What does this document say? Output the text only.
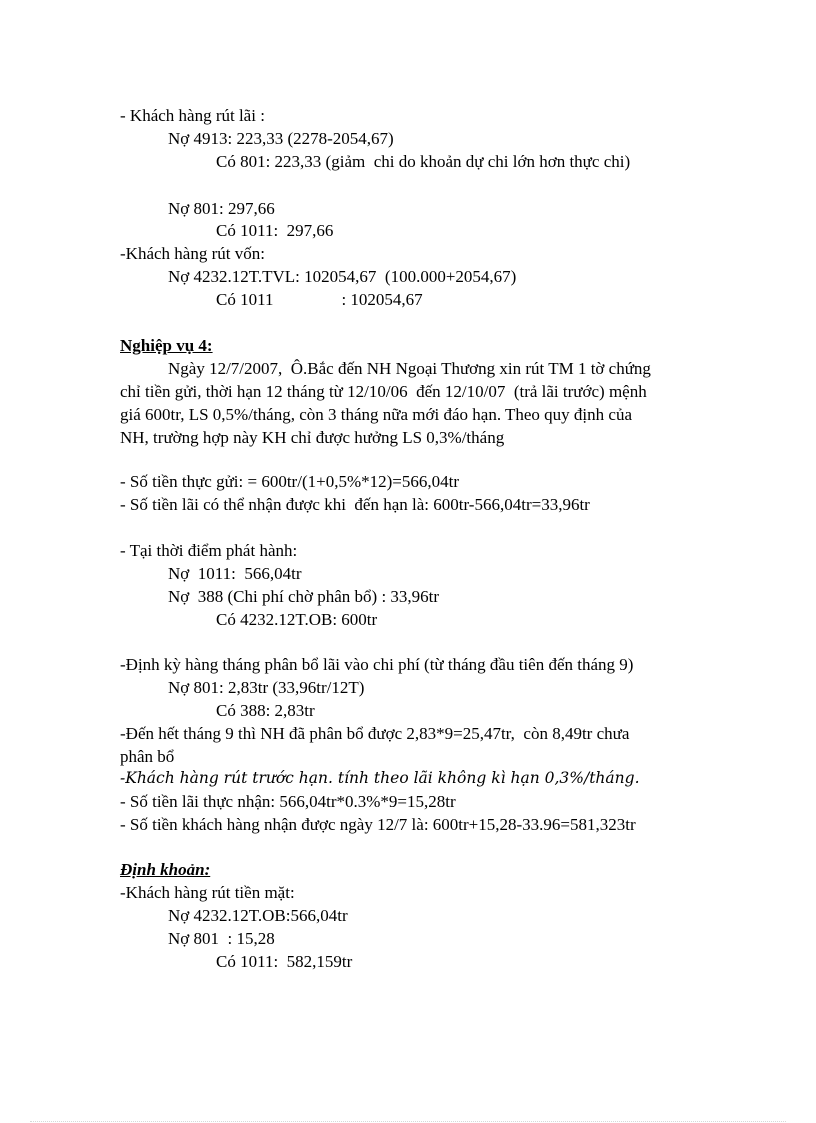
- Khách hàng rút lãi :
Nợ 4913: 223,33 (2278-2054,67)
Có 801: 223,33 (giảm  chi do khoản dự chi lớn hơn thực chi)
Nợ 801: 297,66
Có 1011:  297,66
-Khách hàng rút vốn:
Nợ 4232.12T.TVL: 102054,67  (100.000+2054,67)
Có 1011                : 102054,67
Nghiệp vụ 4:
Ngày 12/7/2007,  Ô.Bắc đến NH Ngoại Thương xin rút TM 1 tờ chứng
chỉ tiền gửi, thời hạn 12 tháng từ 12/10/06  đến 12/10/07  (trả lãi trước) mệnh
giá 600tr, LS 0,5%/tháng, còn 3 tháng nữa mới đáo hạn. Theo quy định của
NH, trường hợp này KH chỉ được hưởng LS 0,3%/tháng
- Số tiền thực gửi: = 600tr/(1+0,5%*12)=566,04tr
- Số tiền lãi có thể nhận được khi  đến hạn là: 600tr-566,04tr=33,96tr
- Tại thời điểm phát hành:
Nợ  1011:  566,04tr
Nợ  388 (Chi phí chờ phân bổ) : 33,96tr
Có 4232.12T.OB: 600tr
-Định kỳ hàng tháng phân bổ lãi vào chi phí (từ tháng đầu tiên đến tháng 9)
Nợ 801: 2,83tr (33,96tr/12T)
Có 388: 2,83tr
-Đến hết tháng 9 thì NH đã phân bổ được 2,83*9=25,47tr,  còn 8,49tr chưa
phân bổ
-Khách hàng rút trước hạn. tính theo lãi không kì hạn 0,3%/tháng.
- Số tiền lãi thực nhận: 566,04tr*0.3%*9=15,28tr
- Số tiền khách hàng nhận được ngày 12/7 là: 600tr+15,28-33.96=581,323tr
Định khoản:
-Khách hàng rút tiền mặt:
Nợ 4232.12T.OB:566,04tr
Nợ 801  : 15,28
Có 1011:  582,159tr
